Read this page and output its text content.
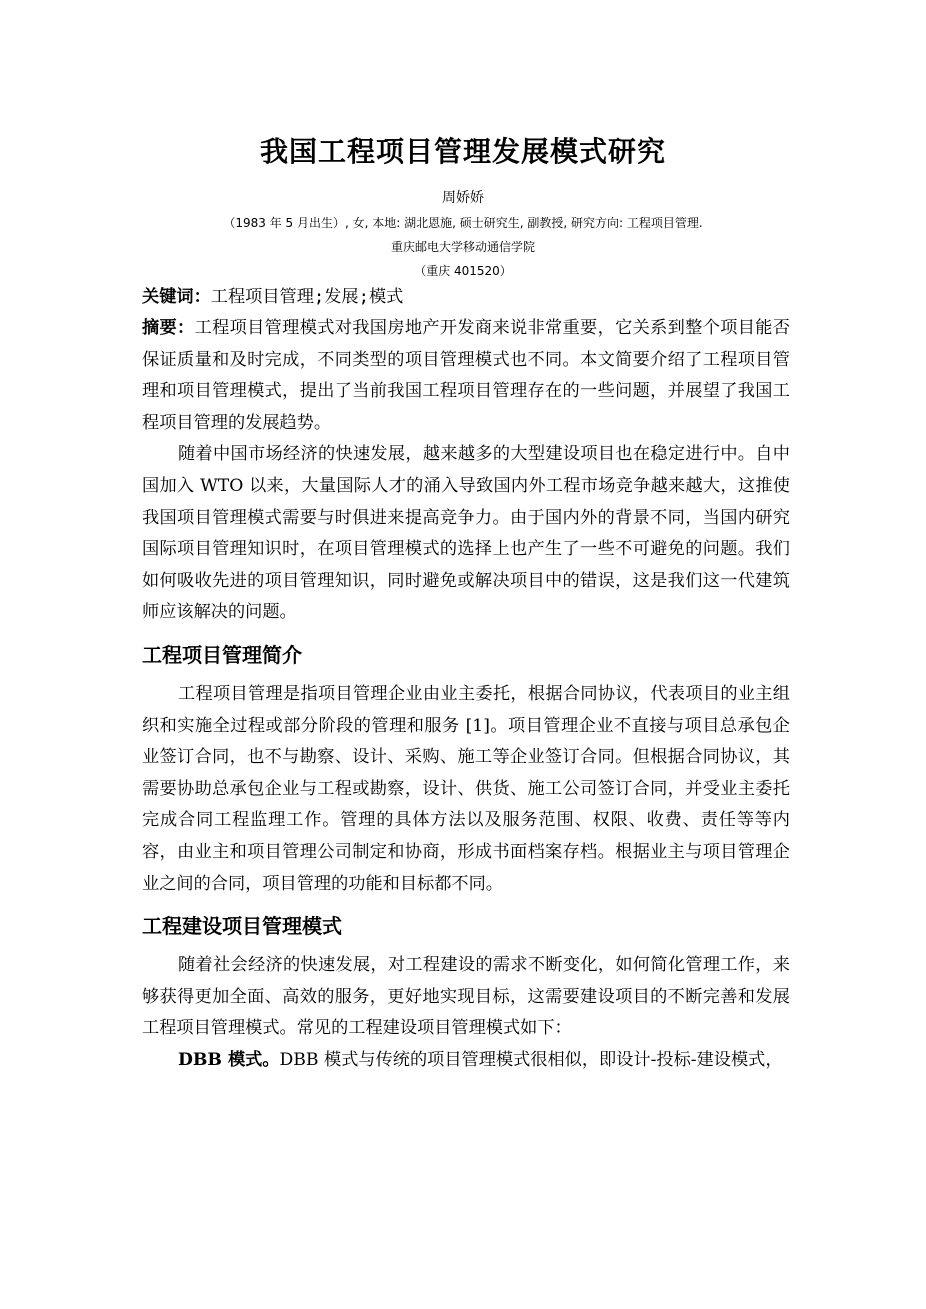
我国工程项目管理发展模式研究
周娇娇
（1983 年 5 月出生）, 女, 本地: 湖北恩施, 硕士研究生, 副教授, 研究方向: 工程项目管理.
重庆邮电大学移动通信学院
（重庆 401520）
关键词：工程项目管理;发展;模式

摘要：工程项目管理模式对我国房地产开发商来说非常重要，它关系到整个项目能否保证质量和及时完成，不同类型的项目管理模式也不同。本文简要介绍了工程项目管理和项目管理模式，提出了当前我国工程项目管理存在的一些问题，并展望了我国工程项目管理的发展趋势。

随着中国市场经济的快速发展，越来越多的大型建设项目也在稳定进行中。自中国加入 WTO 以来，大量国际人才的涌入导致国内外工程市场竞争越来越大，这推使我国项目管理模式需要与时俱进来提高竞争力。由于国内外的背景不同，当国内研究国际项目管理知识时，在项目管理模式的选择上也产生了一些不可避免的问题。我们如何吸收先进的项目管理知识，同时避免或解决项目中的错误，这是我们这一代建筑师应该解决的问题。

工程项目管理简介

工程项目管理是指项目管理企业由业主委托，根据合同协议，代表项目的业主组织和实施全过程或部分阶段的管理和服务 [1]。项目管理企业不直接与项目总承包企业签订合同，也不与勘察、设计、采购、施工等企业签订合同。但根据合同协议，其需要协助总承包企业与工程或勘察，设计、供货、施工公司签订合同，并受业主委托完成合同工程监理工作。管理的具体方法以及服务范围、权限、收费、责任等等内容，由业主和项目管理公司制定和协商，形成书面档案存档。根据业主与项目管理企业之间的合同，项目管理的功能和目标都不同。

工程建设项目管理模式

随着社会经济的快速发展，对工程建设的需求不断变化，如何简化管理工作，来够获得更加全面、高效的服务，更好地实现目标，这需要建设项目的不断完善和发展工程项目管理模式。常见的工程建设项目管理模式如下：

DBB 模式。DBB 模式与传统的项目管理模式很相似，即设计-投标-建设模式，
